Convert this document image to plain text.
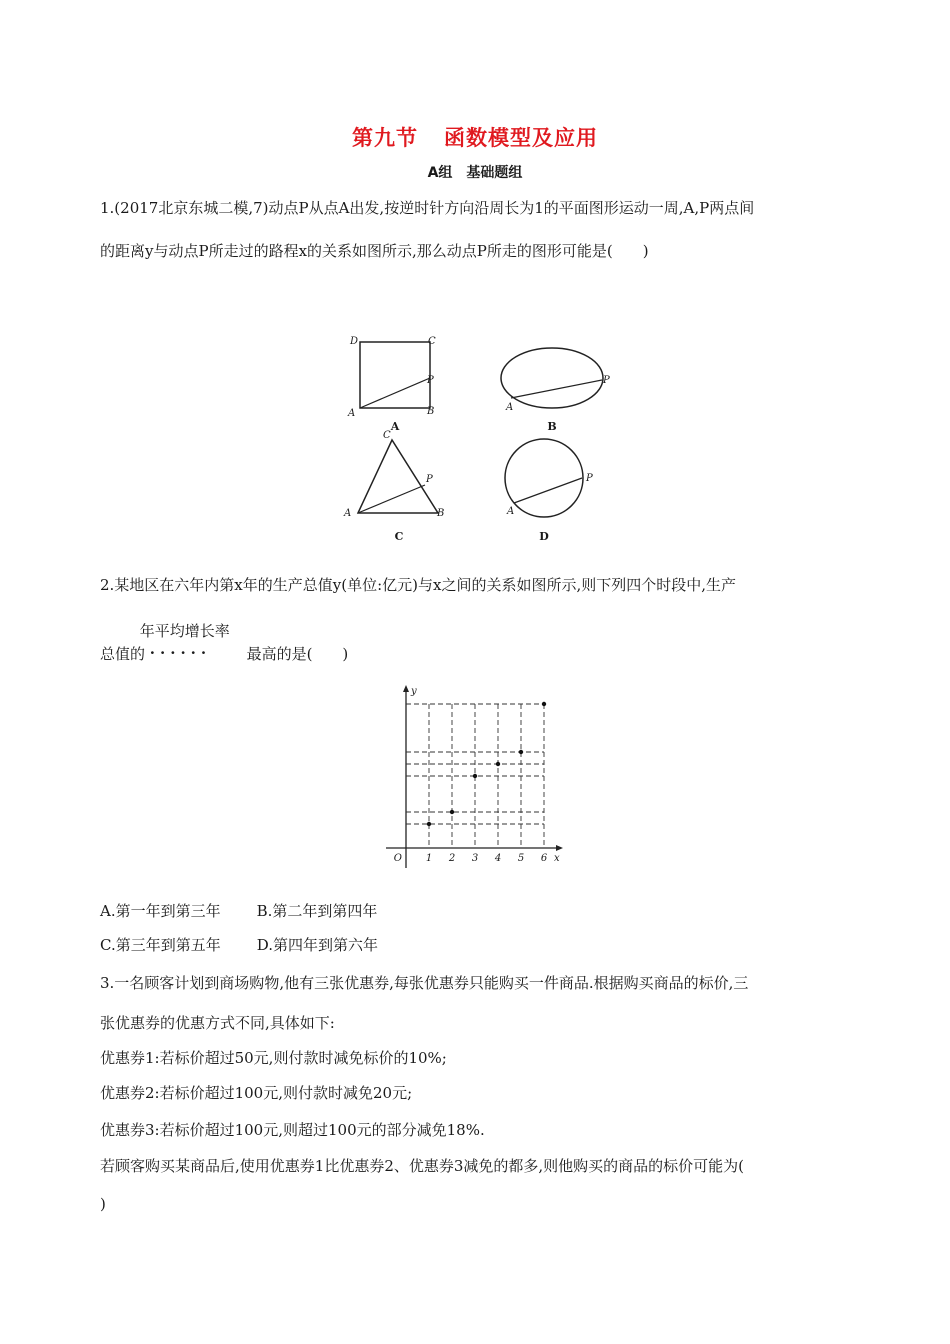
第九节 函数模型及应用
A组 基础题组
1.(2017北京东城二模,7)动点P从点A出发,按逆时针方向沿周长为1的平面图形运动一周,A,P两点间
的距离y与动点P所走过的路程x的关系如图所示,那么动点P所走的图形可能是(　　)
D	C
P
A	B
A
A
P
B
C
P
A	B
C
A
P
D
2.某地区在六年内第x年的生产总值y(单位:亿元)与x之间的关系如图所示,则下列四个时段中,生产
总值的
年平均增长率
······ 最高的是(　　)
1 2 3 4 5 6
O
y
x
A.第一年到第三年 B.第二年到第四年
C.第三年到第五年 D.第四年到第六年
3.一名顾客计划到商场购物,他有三张优惠券,每张优惠券只能购买一件商品.根据购买商品的标价,三
张优惠券的优惠方式不同,具体如下:
优惠券1:若标价超过50元,则付款时减免标价的10%;
优惠券2:若标价超过100元,则付款时减免20元;
优惠券3:若标价超过100元,则超过100元的部分减免18%.
若顾客购买某商品后,使用优惠券1比优惠券2、优惠券3减免的都多,则他购买的商品的标价可能为(
)
